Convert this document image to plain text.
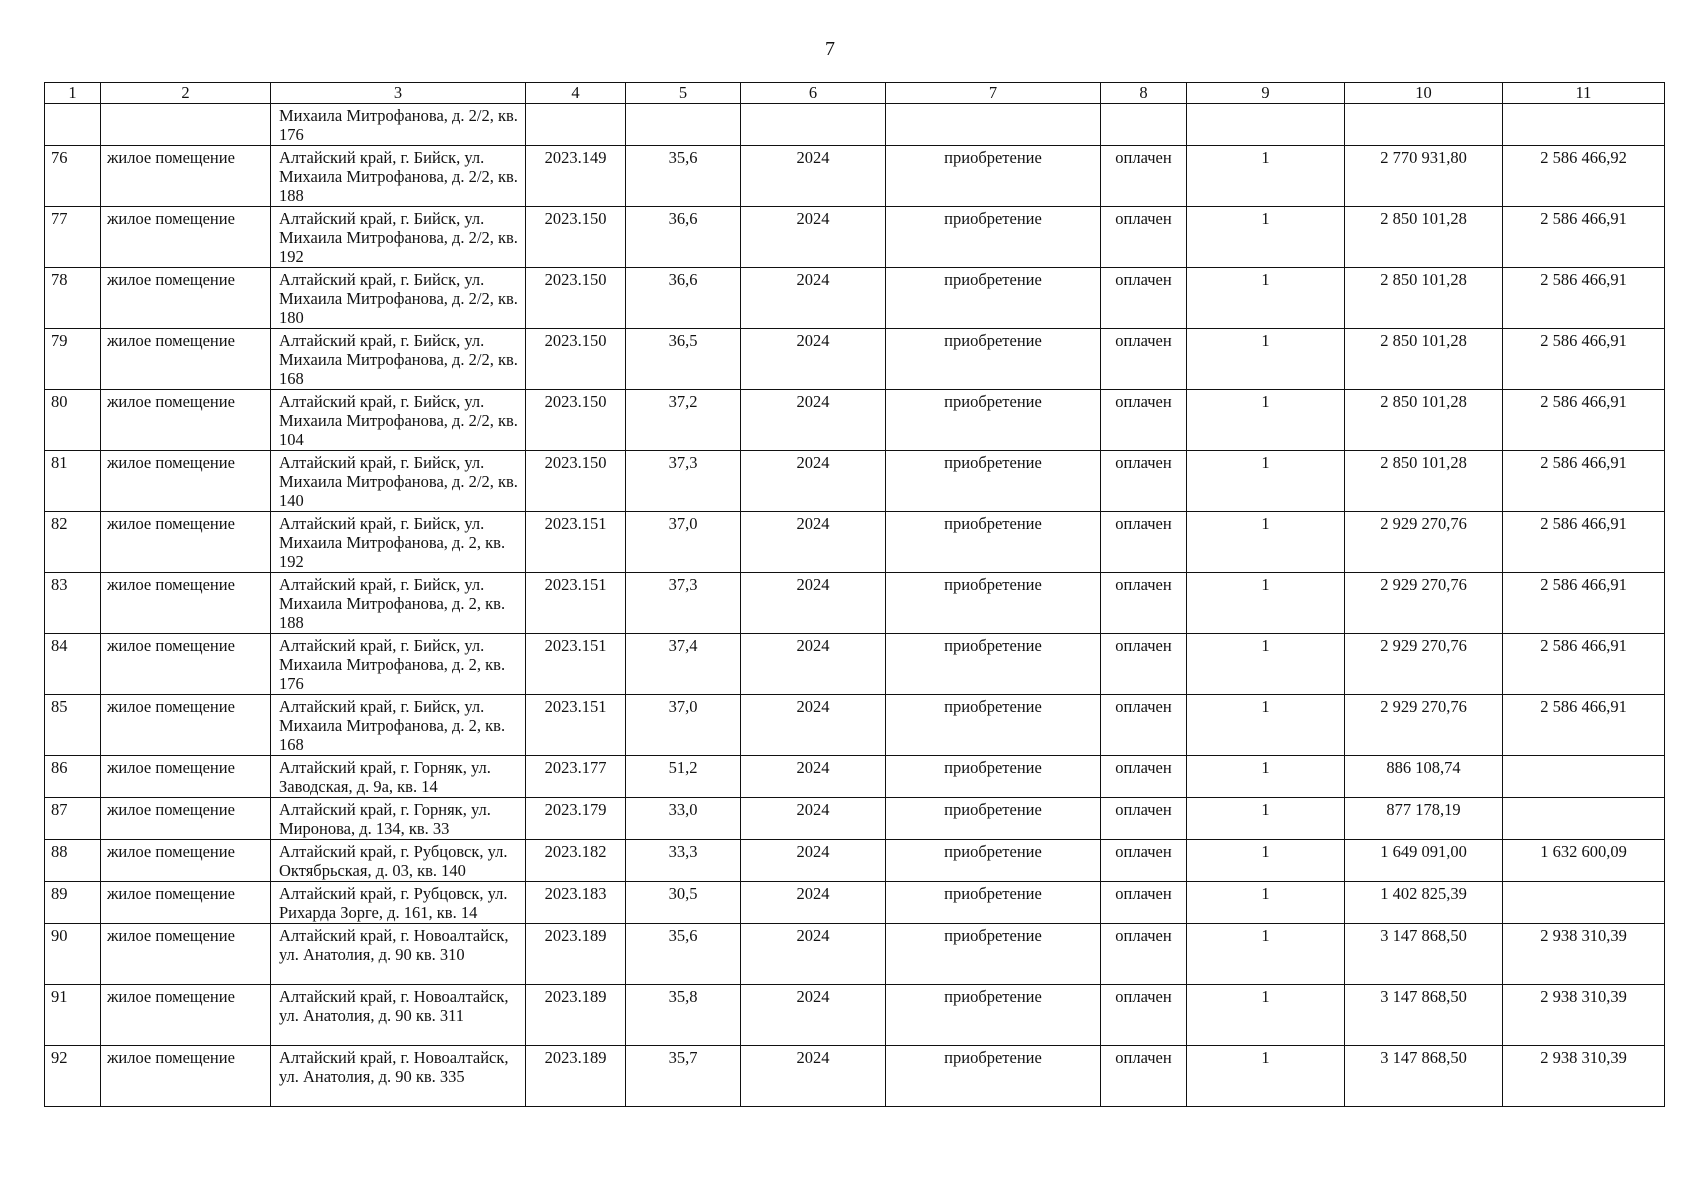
7
1	2	3	4	5	6	7	8	9	10	11
		Михаила Митрофанова, д. 2/2, кв. 176								
76	жилое помещение	Алтайский край, г. Бийск, ул. Михаила Митрофанова, д. 2/2, кв. 188	2023.149	35,6	2024	приобретение	оплачен	1	2 770 931,80	2 586 466,92
77	жилое помещение	Алтайский край, г. Бийск, ул. Михаила Митрофанова, д. 2/2, кв. 192	2023.150	36,6	2024	приобретение	оплачен	1	2 850 101,28	2 586 466,91
78	жилое помещение	Алтайский край, г. Бийск, ул. Михаила Митрофанова, д. 2/2, кв. 180	2023.150	36,6	2024	приобретение	оплачен	1	2 850 101,28	2 586 466,91
79	жилое помещение	Алтайский край, г. Бийск, ул. Михаила Митрофанова, д. 2/2, кв. 168	2023.150	36,5	2024	приобретение	оплачен	1	2 850 101,28	2 586 466,91
80	жилое помещение	Алтайский край, г. Бийск, ул. Михаила Митрофанова, д. 2/2, кв. 104	2023.150	37,2	2024	приобретение	оплачен	1	2 850 101,28	2 586 466,91
81	жилое помещение	Алтайский край, г. Бийск, ул. Михаила Митрофанова, д. 2/2, кв. 140	2023.150	37,3	2024	приобретение	оплачен	1	2 850 101,28	2 586 466,91
82	жилое помещение	Алтайский край, г. Бийск, ул. Михаила Митрофанова, д. 2, кв. 192	2023.151	37,0	2024	приобретение	оплачен	1	2 929 270,76	2 586 466,91
83	жилое помещение	Алтайский край, г. Бийск, ул. Михаила Митрофанова, д. 2, кв. 188	2023.151	37,3	2024	приобретение	оплачен	1	2 929 270,76	2 586 466,91
84	жилое помещение	Алтайский край, г. Бийск, ул. Михаила Митрофанова, д. 2, кв. 176	2023.151	37,4	2024	приобретение	оплачен	1	2 929 270,76	2 586 466,91
85	жилое помещение	Алтайский край, г. Бийск, ул. Михаила Митрофанова, д. 2, кв. 168	2023.151	37,0	2024	приобретение	оплачен	1	2 929 270,76	2 586 466,91
86	жилое помещение	Алтайский край, г. Горняк, ул. Заводская, д. 9а, кв. 14	2023.177	51,2	2024	приобретение	оплачен	1	886 108,74	
87	жилое помещение	Алтайский край, г. Горняк, ул. Миронова, д. 134, кв. 33	2023.179	33,0	2024	приобретение	оплачен	1	877 178,19	
88	жилое помещение	Алтайский край, г. Рубцовск, ул. Октябрьская, д. 03, кв. 140	2023.182	33,3	2024	приобретение	оплачен	1	1 649 091,00	1 632 600,09
89	жилое помещение	Алтайский край, г. Рубцовск, ул. Рихарда Зорге, д. 161, кв. 14	2023.183	30,5	2024	приобретение	оплачен	1	1 402 825,39	
90	жилое помещение	Алтайский край, г. Новоалтайск, ул. Анатолия, д. 90 кв. 310	2023.189	35,6	2024	приобретение	оплачен	1	3 147 868,50	2 938 310,39
91	жилое помещение	Алтайский край, г. Новоалтайск, ул. Анатолия, д. 90 кв. 311	2023.189	35,8	2024	приобретение	оплачен	1	3 147 868,50	2 938 310,39
92	жилое помещение	Алтайский край, г. Новоалтайск, ул. Анатолия, д. 90 кв. 335	2023.189	35,7	2024	приобретение	оплачен	1	3 147 868,50	2 938 310,39
